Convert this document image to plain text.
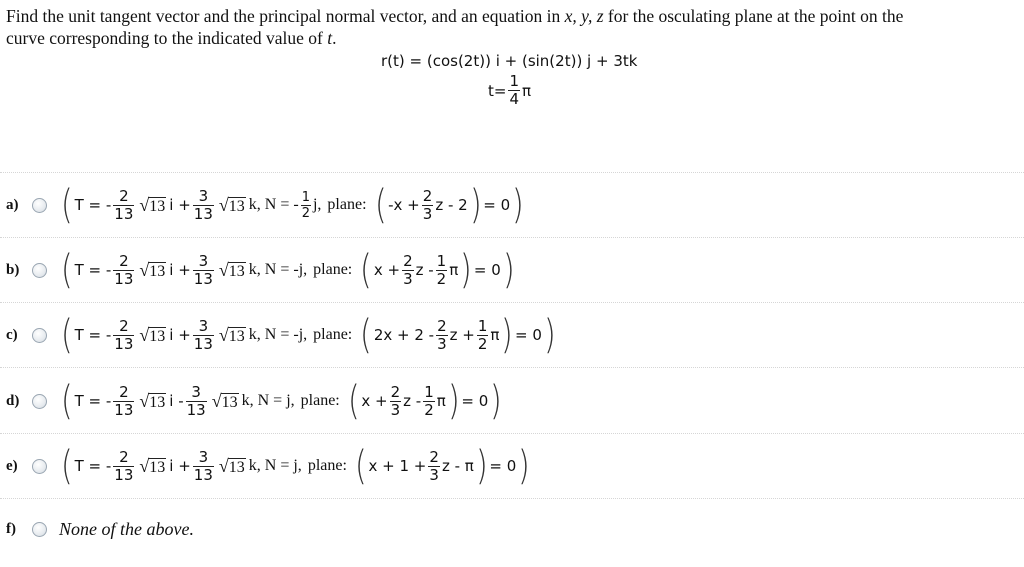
Find the unit tangent vector and the principal normal vector, and an equation in x, y, z for the osculating plane at the point on the
curve corresponding to the indicated value of t.
r(t) = (cos(2t)) i + (sin(2t)) j + 3tk
$t= \frac{1}{4}$ π
a)	( T = - $\frac{2}{13}$ √ 13 $i + \frac{3}{13}$ √ 13 k, N = - $\frac{1}{2} j$, plane: ( $-x + \frac{2}{3}$ z - 2 ) = 0 )
b)	( T = - $\frac{2}{13}$ √ 13 $i + \frac{3}{13}$ √ 13 k, N = -j, plane: ( $x + \frac{2}{3}$ z - $\frac{1}{2}$ π ) = 0 )
c)	( T = - $\frac{2}{13}$ √ 13 $i + \frac{3}{13}$ √ 13 k, N = -j, plane: ( $2x + 2 - \frac{2}{3}$ $z + \frac{1}{2}$ π ) = 0 )
d)	( T = - $\frac{2}{13}$ √ 13 i - $\frac{3}{13}$ √ 13 k, N = j, plane: ( $x + \frac{2}{3}$ z - $\frac{1}{2}$ π ) = 0 )
e)	( T = - $\frac{2}{13}$ √ 13 $i + \frac{3}{13}$ √ 13 k, N = j, plane: ( $x + 1 + \frac{2}{3}$ z - π ) = 0 )
f)	None of the above.
